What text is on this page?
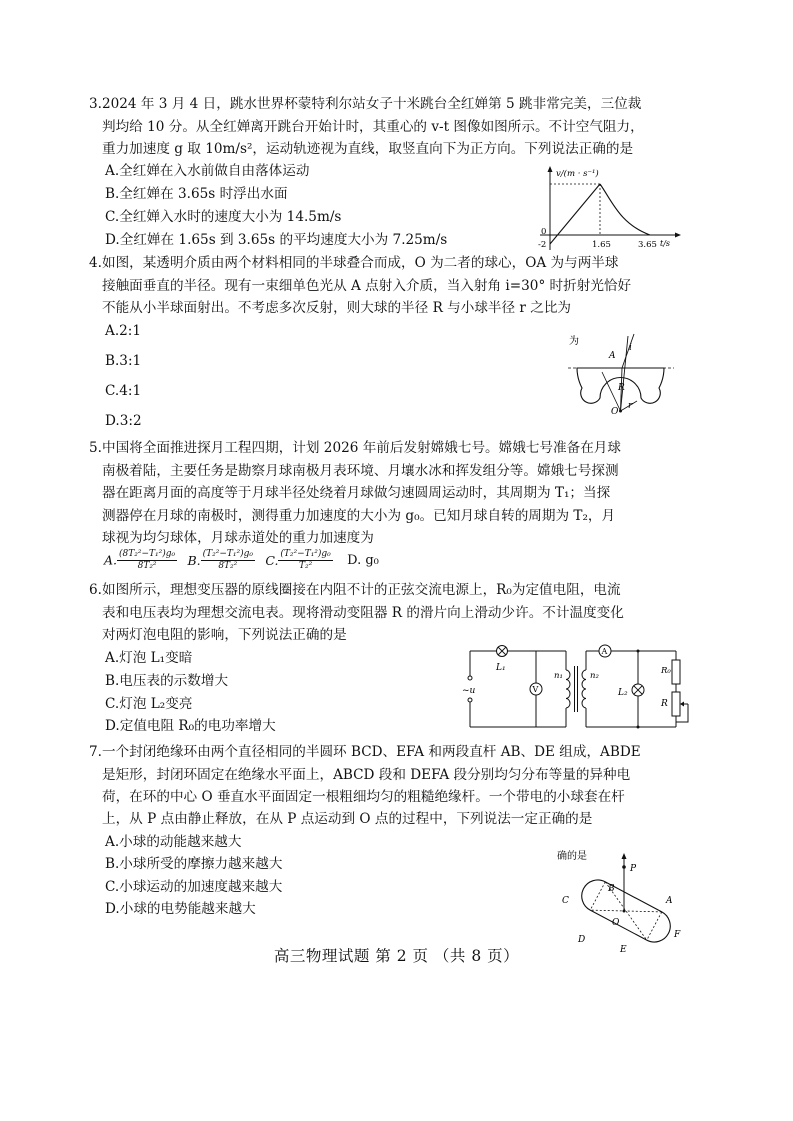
3.2024 年 3 月 4 日，跳水世界杯蒙特利尔站女子十米跳台全红婵第 5 跳非常完美，三位裁
判均给 10 分。从全红婵离开跳台开始计时，其重心的 v-t 图像如图所示。不计空气阻力，
重力加速度 g 取 10m/s²，运动轨迹视为直线，取竖直向下为正方向。下列说法正确的是
A.全红婵在入水前做自由落体运动
B.全红婵在 3.65s 时浮出水面
C.全红婵入水时的速度大小为 14.5m/s
D.全红婵在 1.65s 到 3.65s 的平均速度大小为 7.25m/s
v/(m · s⁻¹)
0
-2	1.65	3.65 t/s
4.如图，某透明介质由两个材料相同的半球叠合而成，O 为二者的球心，OA 为与两半球
接触面垂直的半径。现有一束细单色光从 A 点射入介质，当入射角 i=30° 时折射光恰好
不能从小半球面射出。不考虑多次反射，则大球的半径 R 与小球半径 r 之比为
A.2:1
B.3:1
C.4:1
D.3:2
为
A
i
R
O
r
5.中国将全面推进探月工程四期，计划 2026 年前后发射嫦娥七号。嫦娥七号准备在月球
南极着陆，主要任务是勘察月球南极月表环境、月壤水冰和挥发组分等。嫦娥七号探测
器在距离月面的高度等于月球半径处绕着月球做匀速圆周运动时，其周期为 T₁；当探
测器停在月球的南极时，测得重力加速度的大小为 g₀。已知月球自转的周期为 T₂，月
球视为均匀球体，月球赤道处的重力加速度为
A. $\frac{\text{(8T₂²−T₁²)g₀}}{\text{8T₂²}} B$. $\frac{\text{(T₂²−T₁²)g₀}}{\text{8T₂²}} C$. $\frac{\text{(T₂²−T₁²)g₀}}{\text{T₂²}} D$. g₀
6.如图所示，理想变压器的原线圈接在内阻不计的正弦交流电源上，R₀为定值电阻，电流
表和电压表均为理想交流电表。现将滑动变阻器 R 的滑片向上滑动少许。不计温度变化
对两灯泡电阻的影响，下列说法正确的是
A.灯泡 L₁变暗
B.电压表的示数增大
C.灯泡 L₂变亮
D.定值电阻 R₀的电功率增大
~u
L₁
V
n₁	n₂
A
L₂
R₀
R
7.一个封闭绝缘环由两个直径相同的半圆环 BCD、EFA 和两段直杆 AB、DE 组成，ABDE
是矩形，封闭环固定在绝缘水平面上，ABCD 段和 DEFA 段分别均匀分布等量的异种电
荷，在环的中心 O 垂直水平面固定一根粗细均匀的粗糙绝缘杆。一个带电的小球套在杆
上，从 P 点由静止释放，在从 P 点运动到 O 点的过程中，下列说法一定正确的是
A.小球的动能越来越大
B.小球所受的摩擦力越来越大
C.小球运动的加速度越来越大
D.小球的电势能越来越大
确的是
P
B
C	A
O
D
E
F
高三物理试题 第 2 页 （共 8 页）
